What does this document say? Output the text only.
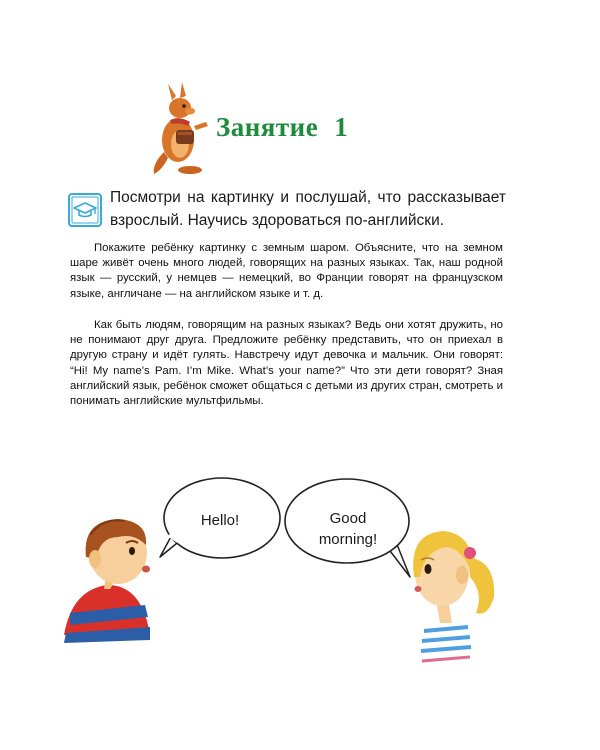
Занятие 1

Посмотри на картинку и послушай, что рассказывает взрослый. Научись здороваться по-английски.

Покажите ребёнку картинку с земным шаром. Объясните, что на земном шаре живёт очень много людей, говорящих на разных языках. Так, наш родной язык — русский, у немцев — немецкий, во Франции говорят на французском языке, англичане — на английском языке и т. д.

Как быть людям, говорящим на разных языках? Ведь они хотят дружить, но не понимают друг друга. Предложите ребёнку представить, что он приехал в другую страну и идёт гулять. Навстречу идут девочка и мальчик. Они говорят: “Hi! My name’s Pam. I’m Mike. What’s your name?” Что эти дети говорят? Зная английский язык, ребёнок сможет общаться с детьми из других стран, смотреть и понимать английские мультфильмы.

Hello!	Good
morning!
